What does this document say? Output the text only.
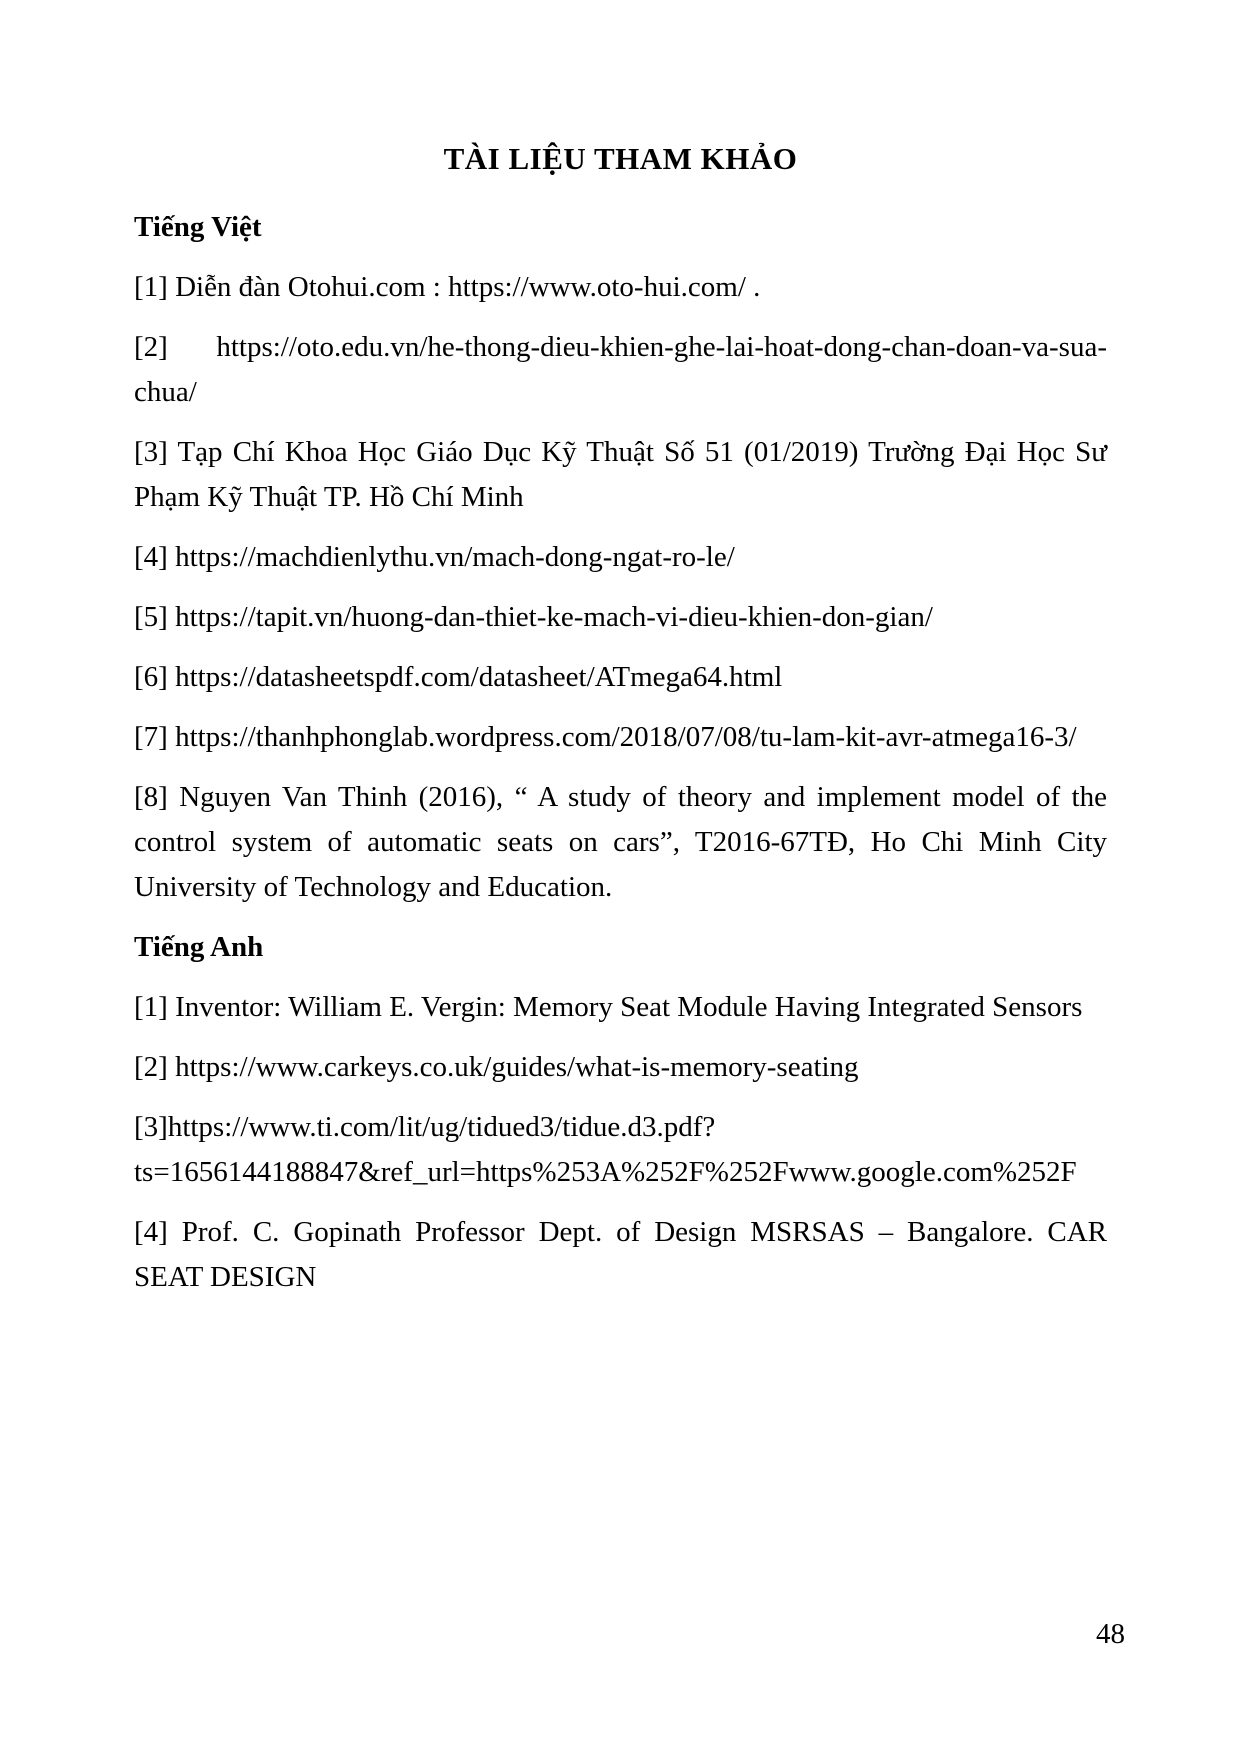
TÀI LIỆU THAM KHẢO
Tiếng Việt

[1] Diễn đàn Otohui.com : https://www.oto-hui.com/ .

[2] https://oto.edu.vn/he-thong-dieu-khien-ghe-lai-hoat-dong-chan-doan-va-sua-chua/

[3] Tạp Chí Khoa Học Giáo Dục Kỹ Thuật Số 51 (01/2019) Trường Đại Học Sư Phạm Kỹ Thuật TP. Hồ Chí Minh

[4] https://machdienlythu.vn/mach-dong-ngat-ro-le/

[5] https://tapit.vn/huong-dan-thiet-ke-mach-vi-dieu-khien-don-gian/

[6] https://datasheetspdf.com/datasheet/ATmega64.html

[7] https://thanhphonglab.wordpress.com/2018/07/08/tu-lam-kit-avr-atmega16-3/

[8] Nguyen Van Thinh (2016), “ A study of theory and implement model of the control system of automatic seats on cars”, T2016-67TĐ, Ho Chi Minh City University of Technology and Education.

Tiếng Anh

[1] Inventor: William E. Vergin: Memory Seat Module Having Integrated Sensors

[2] https://www.carkeys.co.uk/guides/what-is-memory-seating

[3]https://www.ti.com/lit/ug/tidued3/tidue.d3.pdf?ts=1656144188847&ref_url=https%253A%252F%252Fwww.google.com%252F

[4] Prof. C. Gopinath Professor Dept. of Design MSRSAS – Bangalore. CAR SEAT DESIGN

48
